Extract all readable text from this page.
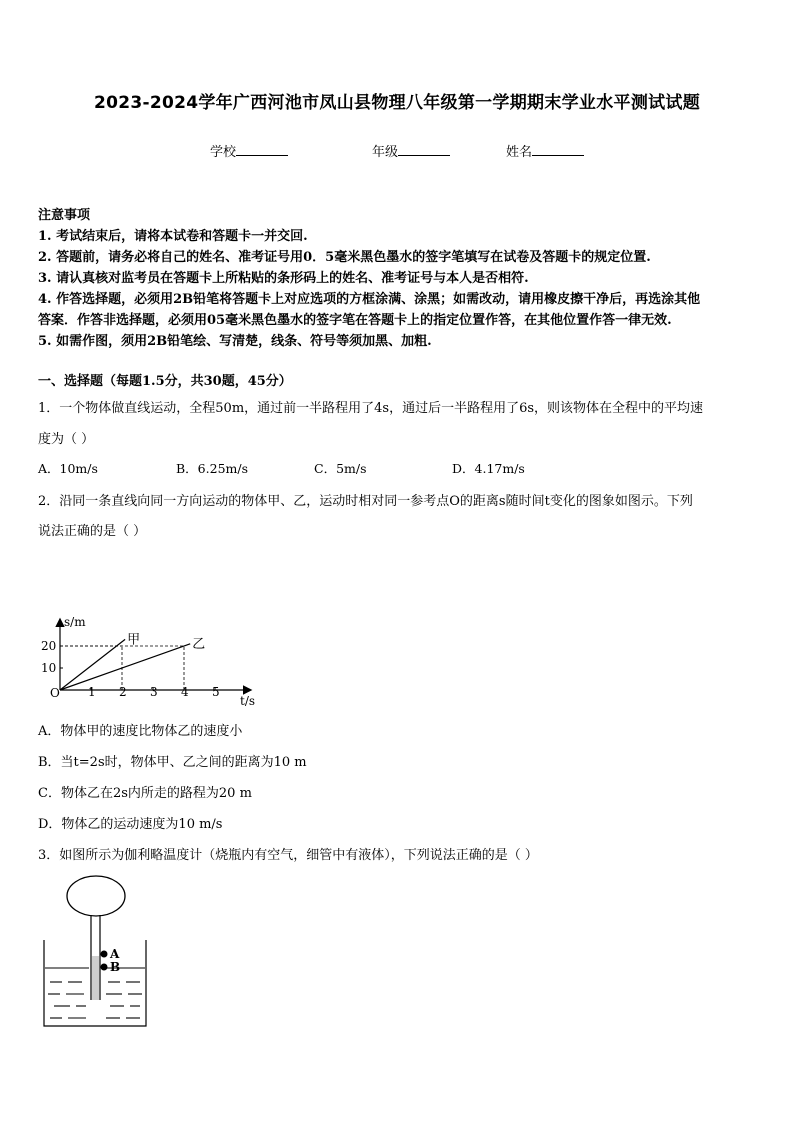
2023-2024学年广西河池市凤山县物理八年级第一学期期末学业水平测试试题
学校	年级	姓名
注意事项
1. 考试结束后，请将本试卷和答题卡一并交回.
2. 答题前，请务必将自己的姓名、准考证号用0．5毫米黑色墨水的签字笔填写在试卷及答题卡的规定位置.
3. 请认真核对监考员在答题卡上所粘贴的条形码上的姓名、准考证号与本人是否相符.
4. 作答选择题，必须用2B铅笔将答题卡上对应选项的方框涂满、涂黑；如需改动，请用橡皮擦干净后，再选涂其他
答案．作答非选择题，必须用05毫米黑色墨水的签字笔在答题卡上的指定位置作答，在其他位置作答一律无效.
5. 如需作图，须用2B铅笔绘、写清楚，线条、符号等须加黑、加粗.
一、选择题（每题1.5分，共30题，45分）
1．一个物体做直线运动，全程50m，通过前一半路程用了4s，通过后一半路程用了6s，则该物体在全程中的平均速
度为（ ）
A．10m/s	B．6.25m/s	C．5m/s	D．4.17m/s
2．沿同一条直线向同一方向运动的物体甲、乙，运动时相对同一参考点O的距离s随时间t变化的图象如图示。下列
说法正确的是（ ）
甲	乙
1 2 3 4 5
10
20
s/m
t/s
O
A．物体甲的速度比物体乙的速度小
B．当t=2s时，物体甲、乙之间的距离为10 m
C．物体乙在2s内所走的路程为20 m
D．物体乙的运动速度为10 m/s
3．如图所示为伽利略温度计（烧瓶内有空气，细管中有液体），下列说法正确的是（ ）
A
B
